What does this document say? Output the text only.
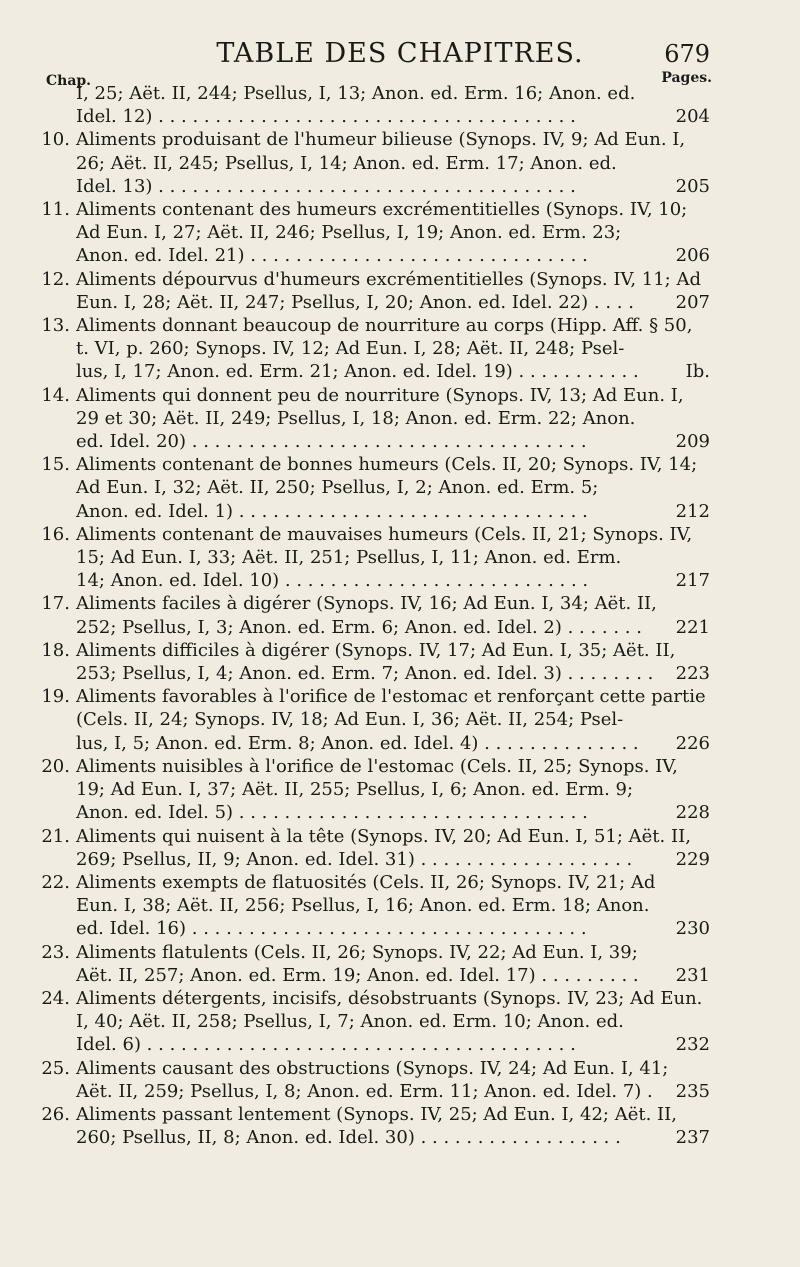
TABLE DES CHAPITRES.	679
Chap.	Pages.
I, 25; Aët. II, 244; Psellus, I, 13; Anon. ed. Erm. 16; Anon. ed.
Idel. 12) . . . . . . . . . . . . . . . . . . . . . . . . . . . . . . . . . . . . .	204
10. Aliments produisant de l'humeur bilieuse (Synops. IV, 9; Ad Eun. I,
26; Aët. II, 245; Psellus, I, 14; Anon. ed. Erm. 17; Anon. ed.
Idel. 13) . . . . . . . . . . . . . . . . . . . . . . . . . . . . . . . . . . . . .	205
11. Aliments contenant des humeurs excrémentitielles (Synops. IV, 10;
Ad Eun. I, 27; Aët. II, 246; Psellus, I, 19; Anon. ed. Erm. 23;
Anon. ed. Idel. 21) . . . . . . . . . . . . . . . . . . . . . . . . . . . . . .	206
12. Aliments dépourvus d'humeurs excrémentitielles (Synops. IV, 11; Ad
Eun. I, 28; Aët. II, 247; Psellus, I, 20; Anon. ed. Idel. 22) . . . .	207
13. Aliments donnant beaucoup de nourriture au corps (Hipp. Aff. § 50,
t. VI, p. 260; Synops. IV, 12; Ad Eun. I, 28; Aët. II, 248; Psel-
lus, I, 17; Anon. ed. Erm. 21; Anon. ed. Idel. 19) . . . . . . . . . . .	Ib.
14. Aliments qui donnent peu de nourriture (Synops. IV, 13; Ad Eun. I,
29 et 30; Aët. II, 249; Psellus, I, 18; Anon. ed. Erm. 22; Anon.
ed. Idel. 20) . . . . . . . . . . . . . . . . . . . . . . . . . . . . . . . . . . .	209
15. Aliments contenant de bonnes humeurs (Cels. II, 20; Synops. IV, 14;
Ad Eun. I, 32; Aët. II, 250; Psellus, I, 2; Anon. ed. Erm. 5;
Anon. ed. Idel. 1) . . . . . . . . . . . . . . . . . . . . . . . . . . . . . . .	212
16. Aliments contenant de mauvaises humeurs (Cels. II, 21; Synops. IV,
15; Ad Eun. I, 33; Aët. II, 251; Psellus, I, 11; Anon. ed. Erm.
14; Anon. ed. Idel. 10) . . . . . . . . . . . . . . . . . . . . . . . . . . .	217
17. Aliments faciles à digérer (Synops. IV, 16; Ad Eun. I, 34; Aët. II,
252; Psellus, I, 3; Anon. ed. Erm. 6; Anon. ed. Idel. 2) . . . . . . .	221
18. Aliments difficiles à digérer (Synops. IV, 17; Ad Eun. I, 35; Aët. II,
253; Psellus, I, 4; Anon. ed. Erm. 7; Anon. ed. Idel. 3) . . . . . . . .	223
19. Aliments favorables à l'orifice de l'estomac et renforçant cette partie
(Cels. II, 24; Synops. IV, 18; Ad Eun. I, 36; Aët. II, 254; Psel-
lus, I, 5; Anon. ed. Erm. 8; Anon. ed. Idel. 4) . . . . . . . . . . . . . .	226
20. Aliments nuisibles à l'orifice de l'estomac (Cels. II, 25; Synops. IV,
19; Ad Eun. I, 37; Aët. II, 255; Psellus, I, 6; Anon. ed. Erm. 9;
Anon. ed. Idel. 5) . . . . . . . . . . . . . . . . . . . . . . . . . . . . . . .	228
21. Aliments qui nuisent à la tête (Synops. IV, 20; Ad Eun. I, 51; Aët. II,
269; Psellus, II, 9; Anon. ed. Idel. 31) . . . . . . . . . . . . . . . . . . .	229
22. Aliments exempts de flatuosités (Cels. II, 26; Synops. IV, 21; Ad
Eun. I, 38; Aët. II, 256; Psellus, I, 16; Anon. ed. Erm. 18; Anon.
ed. Idel. 16) . . . . . . . . . . . . . . . . . . . . . . . . . . . . . . . . . . .	230
23. Aliments flatulents (Cels. II, 26; Synops. IV, 22; Ad Eun. I, 39;
Aët. II, 257; Anon. ed. Erm. 19; Anon. ed. Idel. 17) . . . . . . . . .	231
24. Aliments détergents, incisifs, désobstruants (Synops. IV, 23; Ad Eun.
I, 40; Aët. II, 258; Psellus, I, 7; Anon. ed. Erm. 10; Anon. ed.
Idel. 6) . . . . . . . . . . . . . . . . . . . . . . . . . . . . . . . . . . . . . .	232
25. Aliments causant des obstructions (Synops. IV, 24; Ad Eun. I, 41;
Aët. II, 259; Psellus, I, 8; Anon. ed. Erm. 11; Anon. ed. Idel. 7) .	235
26. Aliments passant lentement (Synops. IV, 25; Ad Eun. I, 42; Aët. II,
260; Psellus, II, 8; Anon. ed. Idel. 30) . . . . . . . . . . . . . . . . . .	237
